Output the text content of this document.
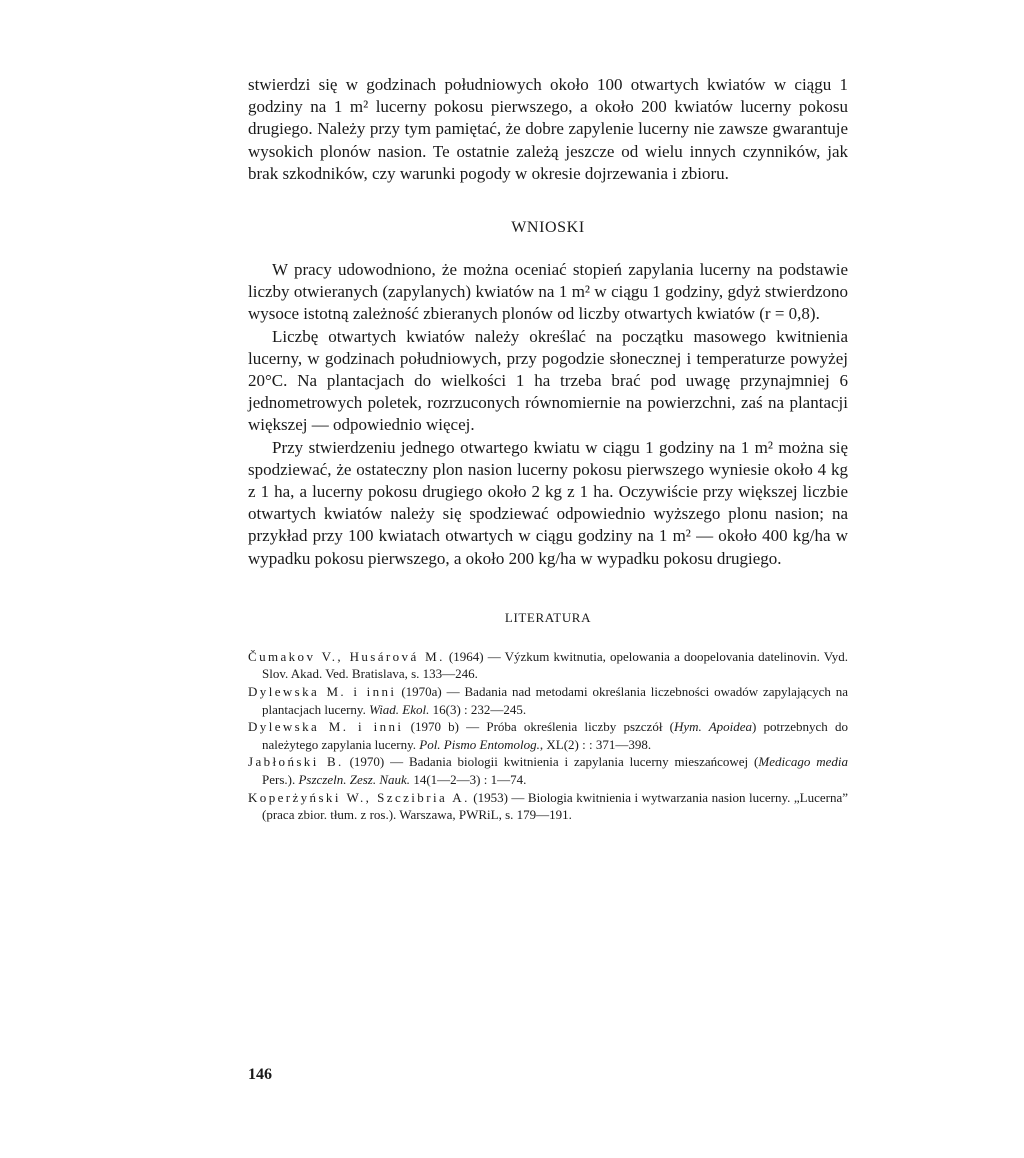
stwierdzi się w godzinach południowych około 100 otwartych kwiatów w ciągu 1 godziny na 1 m² lucerny pokosu pierwszego, a około 200 kwiatów lucerny pokosu drugiego. Należy przy tym pamiętać, że dobre zapylenie lucerny nie zawsze gwarantuje wysokich plonów nasion. Te ostatnie zależą jeszcze od wielu innych czynników, jak brak szkodników, czy warunki pogody w okresie dojrzewania i zbioru.

WNIOSKI

W pracy udowodniono, że można oceniać stopień zapylania lucerny na podstawie liczby otwieranych (zapylanych) kwiatów na 1 m² w ciągu 1 godziny, gdyż stwierdzono wysoce istotną zależność zbieranych plonów od liczby otwartych kwiatów (r = 0,8).

Liczbę otwartych kwiatów należy określać na początku masowego kwitnienia lucerny, w godzinach południowych, przy pogodzie słonecznej i temperaturze powyżej 20°C. Na plantacjach do wielkości 1 ha trzeba brać pod uwagę przynajmniej 6 jednometrowych poletek, rozrzuconych równomiernie na powierzchni, zaś na plantacji większej — odpowiednio więcej.

Przy stwierdzeniu jednego otwartego kwiatu w ciągu 1 godziny na 1 m² można się spodziewać, że ostateczny plon nasion lucerny pokosu pierwszego wyniesie około 4 kg z 1 ha, a lucerny pokosu drugiego około 2 kg z 1 ha. Oczywiście przy większej liczbie otwartych kwiatów należy się spodziewać odpowiednio wyższego plonu nasion; na przykład przy 100 kwiatach otwartych w ciągu godziny na 1 m² — około 400 kg/ha w wypadku pokosu pierwszego, a około 200 kg/ha w wypadku pokosu drugiego.

LITERATURA

Čumakov V., Husárová M. (1964) — Výzkum kwitnutia, opelowania a doopelovania datelinovin. Vyd. Slov. Akad. Ved. Bratislava, s. 133—246.

Dylewska M. i inni (1970a) — Badania nad metodami określania liczebności owadów zapylających na plantacjach lucerny. Wiad. Ekol. 16(3) : 232—245.

Dylewska M. i inni (1970 b) — Próba określenia liczby pszczół (Hym. Apoidea) potrzebnych do należytego zapylania lucerny. Pol. Pismo Entomolog., XL(2) : : 371—398.

Jabłoński B. (1970) — Badania biologii kwitnienia i zapylania lucerny mieszańcowej (Medicago media Pers.). Pszczeln. Zesz. Nauk. 14(1—2—3) : 1—74.

Koperżyński W., Szczibria A. (1953) — Biologia kwitnienia i wytwarzania nasion lucerny. „Lucerna” (praca zbior. tłum. z ros.). Warszawa, PWRiL, s. 179—191.

146
